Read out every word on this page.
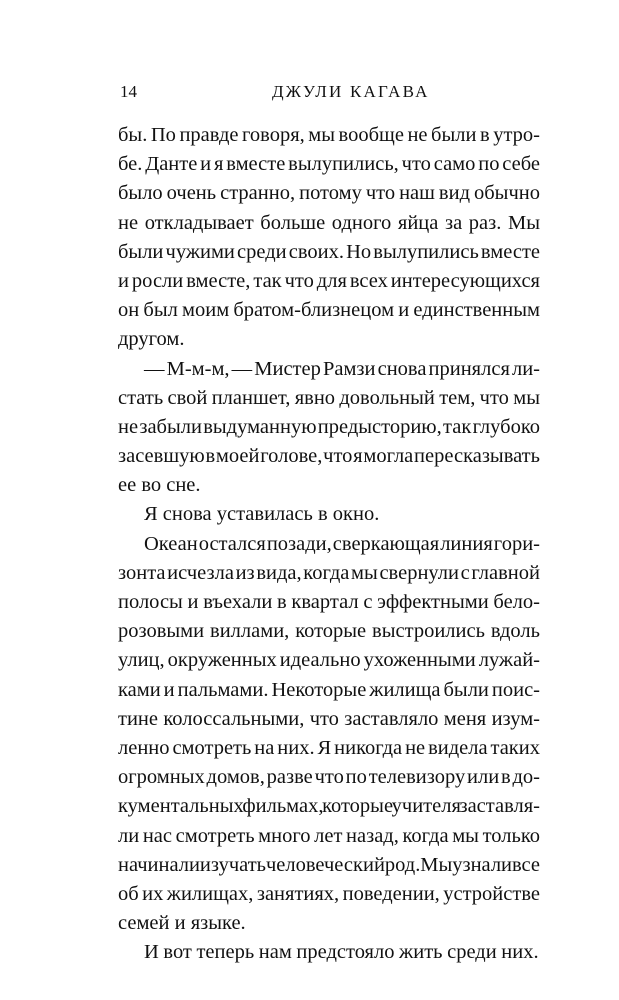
14	ДЖУЛИ КАГАВА

бы. По правде говоря, мы вообще не были в утро-
бе. Данте и я вместе вылупились, что само по себе
было очень странно, потому что наш вид обычно
не откладывает больше одного яйца за раз. Мы
были чужими среди своих. Но вылупились вместе
и росли вместе, так что для всех интересующихся
он был моим братом-близнецом и единственным
другом.

— М-м-м, — Мистер Рамзи снова принялся ли-
стать свой планшет, явно довольный тем, что мы
не забыли выдуманную предысторию, так глубоко
засевшую в моей голове, что я могла пересказывать
ее во сне.

Я снова уставилась в окно.

Океан остался позади, сверкающая линия гори-
зонта исчезла из вида, когда мы свернули с главной
полосы и въехали в квартал с эффектными бело-
розовыми виллами, которые выстроились вдоль
улиц, окруженных идеально ухоженными лужай-
ками и пальмами. Некоторые жилища были поис-
тине колоссальными, что заставляло меня изум-
ленно смотреть на них. Я никогда не видела таких
огромных домов, разве что по телевизору или в до-
кументальных фильмах, которые учителя заставля-
ли нас смотреть много лет назад, когда мы только
начинали изучать человеческий род. Мы узнали все
об их жилищах, занятиях, поведении, устройстве
семей и языке.

И вот теперь нам предстояло жить среди них.
